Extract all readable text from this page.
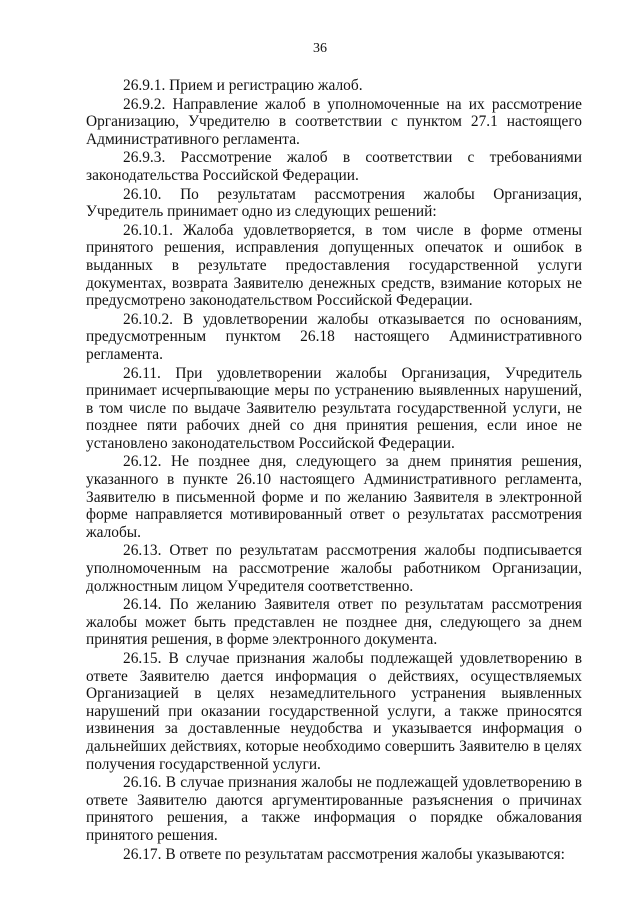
36

26.9.1. Прием и регистрацию жалоб.

26.9.2. Направление жалоб в уполномоченные на их рассмотрение Организацию, Учредителю в соответствии с пунктом 27.1 настоящего Административного регламента.

26.9.3. Рассмотрение жалоб в соответствии с требованиями законодательства Российской Федерации.

26.10. По результатам рассмотрения жалобы Организация, Учредитель принимает одно из следующих решений:

26.10.1. Жалоба удовлетворяется, в том числе в форме отмены принятого решения, исправления допущенных опечаток и ошибок в выданных в результате предоставления государственной услуги документах, возврата Заявителю денежных средств, взимание которых не предусмотрено законодательством Российской Федерации.

26.10.2. В удовлетворении жалобы отказывается по основаниям, предусмотренным пунктом 26.18 настоящего Административного регламента.

26.11. При удовлетворении жалобы Организация, Учредитель принимает исчерпывающие меры по устранению выявленных нарушений, в том числе по выдаче Заявителю результата государственной услуги, не позднее пяти рабочих дней со дня принятия решения, если иное не установлено законодательством Российской Федерации.

26.12. Не позднее дня, следующего за днем принятия решения, указанного в пункте 26.10 настоящего Административного регламента, Заявителю в письменной форме и по желанию Заявителя в электронной форме направляется мотивированный ответ о результатах рассмотрения жалобы.

26.13. Ответ по результатам рассмотрения жалобы подписывается уполномоченным на рассмотрение жалобы работником Организации, должностным лицом Учредителя соответственно.

26.14. По желанию Заявителя ответ по результатам рассмотрения жалобы может быть представлен не позднее дня, следующего за днем принятия решения, в форме электронного документа.

26.15. В случае признания жалобы подлежащей удовлетворению в ответе Заявителю дается информация о действиях, осуществляемых Организацией в целях незамедлительного устранения выявленных нарушений при оказании государственной услуги, а также приносятся извинения за доставленные неудобства и указывается информация о дальнейших действиях, которые необходимо совершить Заявителю в целях получения государственной услуги.

26.16. В случае признания жалобы не подлежащей удовлетворению в ответе Заявителю даются аргументированные разъяснения о причинах принятого решения, а также информация о порядке обжалования принятого решения.

26.17. В ответе по результатам рассмотрения жалобы указываются:
